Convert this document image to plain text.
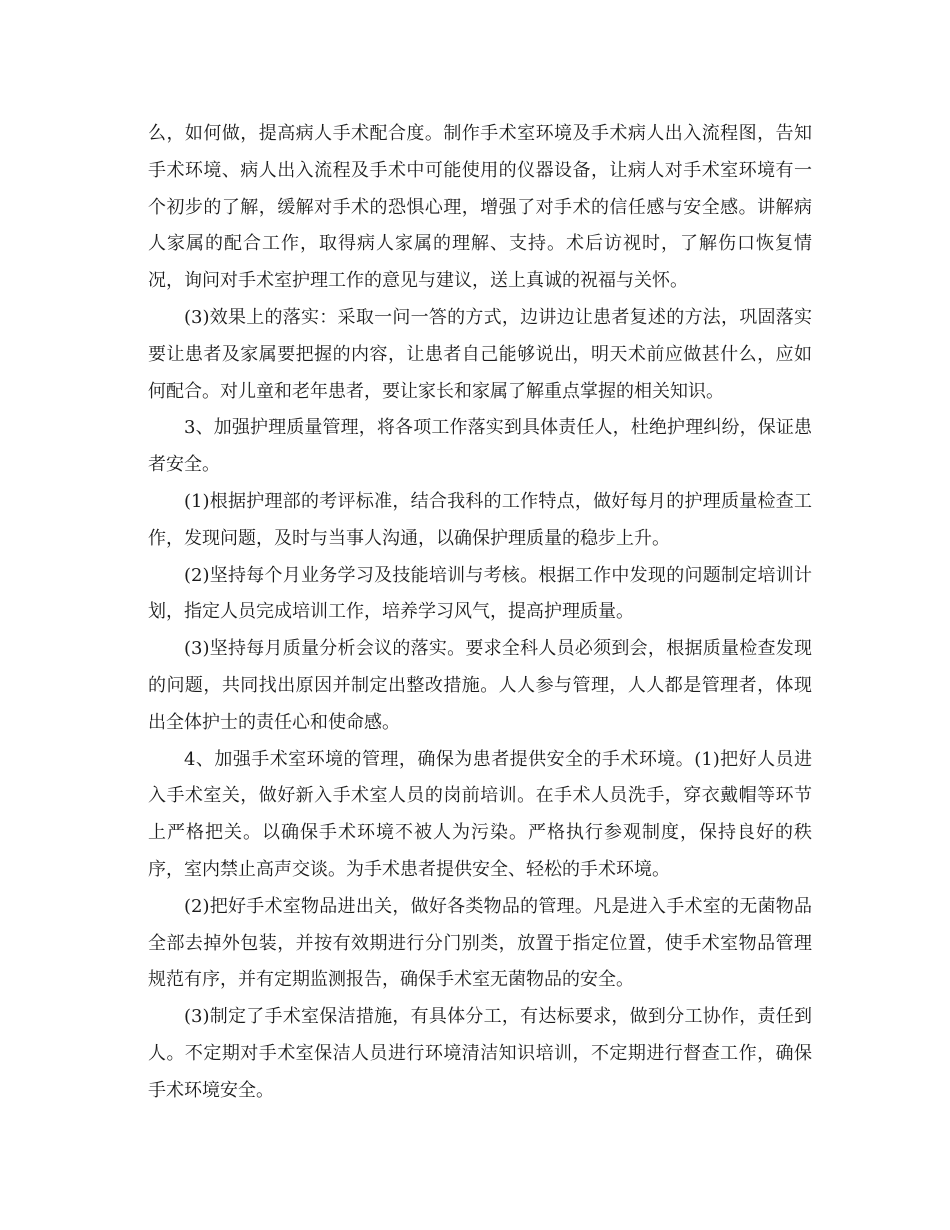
么，如何做，提高病人手术配合度。制作手术室环境及手术病人出入流程图，告知手术环境、病人出入流程及手术中可能使用的仪器设备，让病人对手术室环境有一个初步的了解，缓解对手术的恐惧心理，增强了对手术的信任感与安全感。讲解病人家属的配合工作，取得病人家属的理解、支持。术后访视时，了解伤口恢复情况，询问对手术室护理工作的意见与建议，送上真诚的祝福与关怀。

(3)效果上的落实：采取一问一答的方式，边讲边让患者复述的方法，巩固落实要让患者及家属要把握的内容，让患者自己能够说出，明天术前应做甚什么，应如何配合。对儿童和老年患者，要让家长和家属了解重点掌握的相关知识。

3、加强护理质量管理，将各项工作落实到具体责任人，杜绝护理纠纷，保证患者安全。

(1)根据护理部的考评标准，结合我科的工作特点，做好每月的护理质量检查工作，发现问题，及时与当事人沟通，以确保护理质量的稳步上升。

(2)坚持每个月业务学习及技能培训与考核。根据工作中发现的问题制定培训计划，指定人员完成培训工作，培养学习风气，提高护理质量。

(3)坚持每月质量分析会议的落实。要求全科人员必须到会，根据质量检查发现的问题，共同找出原因并制定出整改措施。人人参与管理，人人都是管理者，体现出全体护士的责任心和使命感。

4、加强手术室环境的管理，确保为患者提供安全的手术环境。(1)把好人员进入手术室关，做好新入手术室人员的岗前培训。在手术人员洗手，穿衣戴帽等环节上严格把关。以确保手术环境不被人为污染。严格执行参观制度，保持良好的秩序，室内禁止高声交谈。为手术患者提供安全、轻松的手术环境。

(2)把好手术室物品进出关，做好各类物品的管理。凡是进入手术室的无菌物品全部去掉外包装，并按有效期进行分门别类，放置于指定位置，使手术室物品管理规范有序，并有定期监测报告，确保手术室无菌物品的安全。

(3)制定了手术室保洁措施，有具体分工，有达标要求，做到分工协作，责任到人。不定期对手术室保洁人员进行环境清洁知识培训，不定期进行督查工作，确保手术环境安全。
